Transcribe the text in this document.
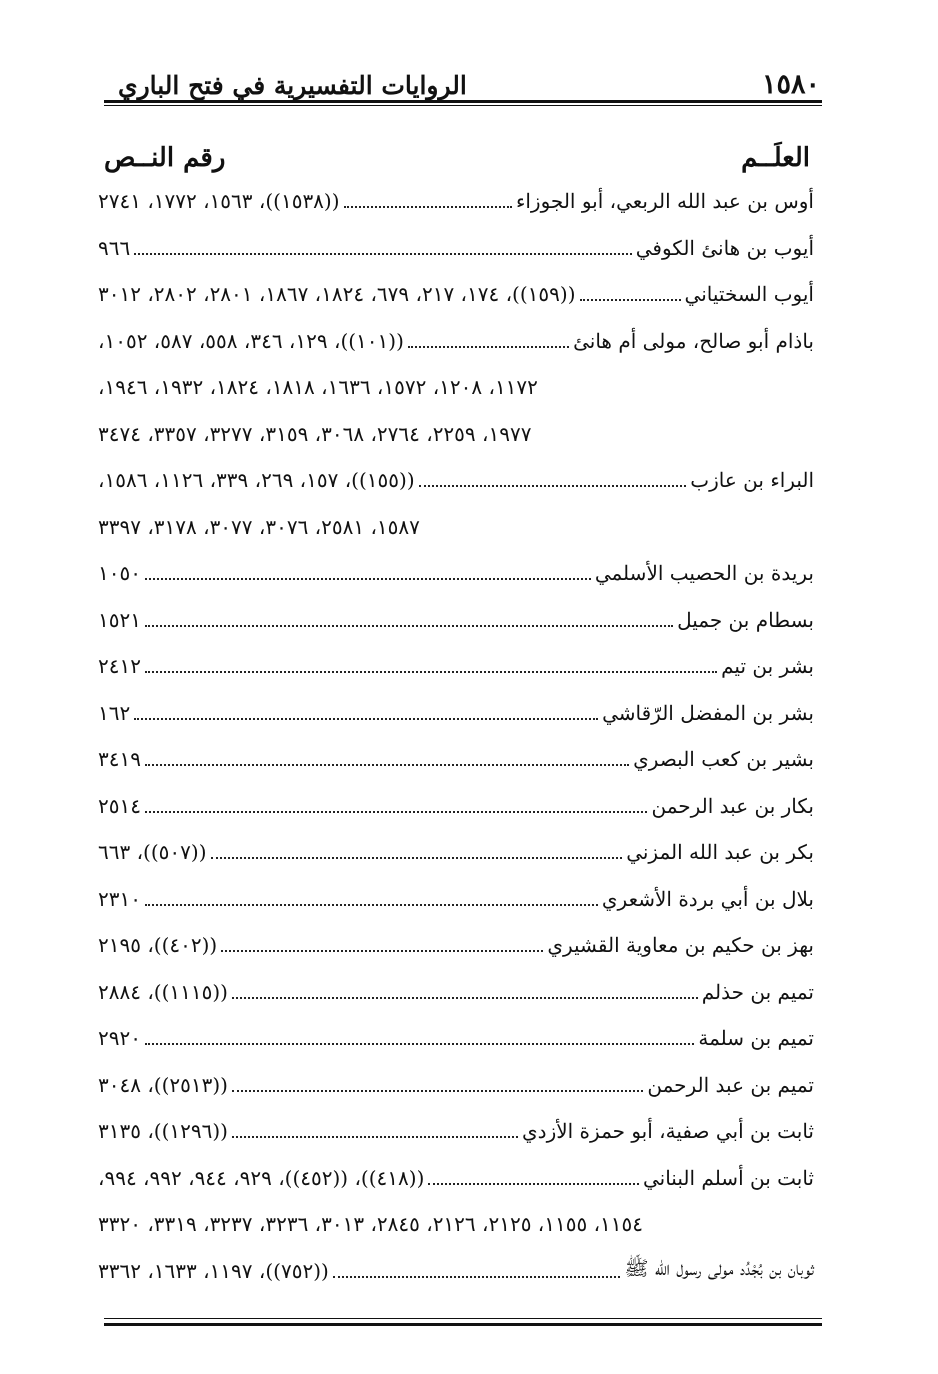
١٥٨٠
الروايات التفسيرية في فتح الباري
العلَــم
رقم النــص
أوس بن عبد الله الربعي، أبو الجوزاء
((١٥٣٨))، ١٥٦٣، ١٧٧٢، ٢٧٤١
أيوب بن هانئ الكوفي
٩٦٦
أيوب السختياني
((١٥٩))، ١٧٤، ٢١٧، ٦٧٩، ١٨٢٤، ١٨٦٧، ٢٨٠١، ٢٨٠٢، ٣٠١٢
باذام أبو صالح، مولى أم هانئ
((١٠١))، ١٢٩، ٣٤٦، ٥٥٨، ٥٨٧، ١٠٥٢،
١١٧٢، ١٢٠٨، ١٥٧٢، ١٦٣٦، ١٨١٨، ١٨٢٤، ١٩٣٢، ١٩٤٦،
١٩٧٧، ٢٢٥٩، ٢٧٦٤، ٣٠٦٨، ٣١٥٩، ٣٢٧٧، ٣٣٥٧، ٣٤٧٤
البراء بن عازب
((١٥٥))، ١٥٧، ٢٦٩، ٣٣٩، ١١٢٦، ١٥٨٦،
١٥٨٧، ٢٥٨١، ٣٠٧٦، ٣٠٧٧، ٣١٧٨، ٣٣٩٧
بريدة بن الحصيب الأسلمي
١٠٥٠
بسطام بن جميل
١٥٢١
بشر بن تيم
٢٤١٢
بشر بن المفضل الرّقاشي
١٦٢
بشير بن كعب البصري
٣٤١٩
بكار بن عبد الرحمن
٢٥١٤
بكر بن عبد الله المزني
((٥٠٧))، ٦٦٣
بلال بن أبي بردة الأشعري
٢٣١٠
بهز بن حكيم بن معاوية القشيري
((٤٠٢))، ٢١٩٥
تميم بن حذلم
((١١١٥))، ٢٨٨٤
تميم بن سلمة
٢٩٢٠
تميم بن عبد الرحمن
((٢٥١٣))، ٣٠٤٨
ثابت بن أبي صفية، أبو حمزة الأزدي
((١٢٩٦))، ٣١٣٥
ثابت بن أسلم البناني
((٤١٨))، ((٤٥٢))، ٩٢٩، ٩٤٤، ٩٩٢، ٩٩٤،
١١٥٤، ١١٥٥، ٢١٢٥، ٢١٢٦، ٢٨٤٥، ٣٠١٣، ٣٢٣٦، ٣٢٣٧، ٣٣١٩، ٣٣٢٠
ثوبان بن بُجْدُد مولى رسول الله ﷺ
((٧٥٢))، ١١٩٧، ١٦٣٣، ٣٣٦٢
